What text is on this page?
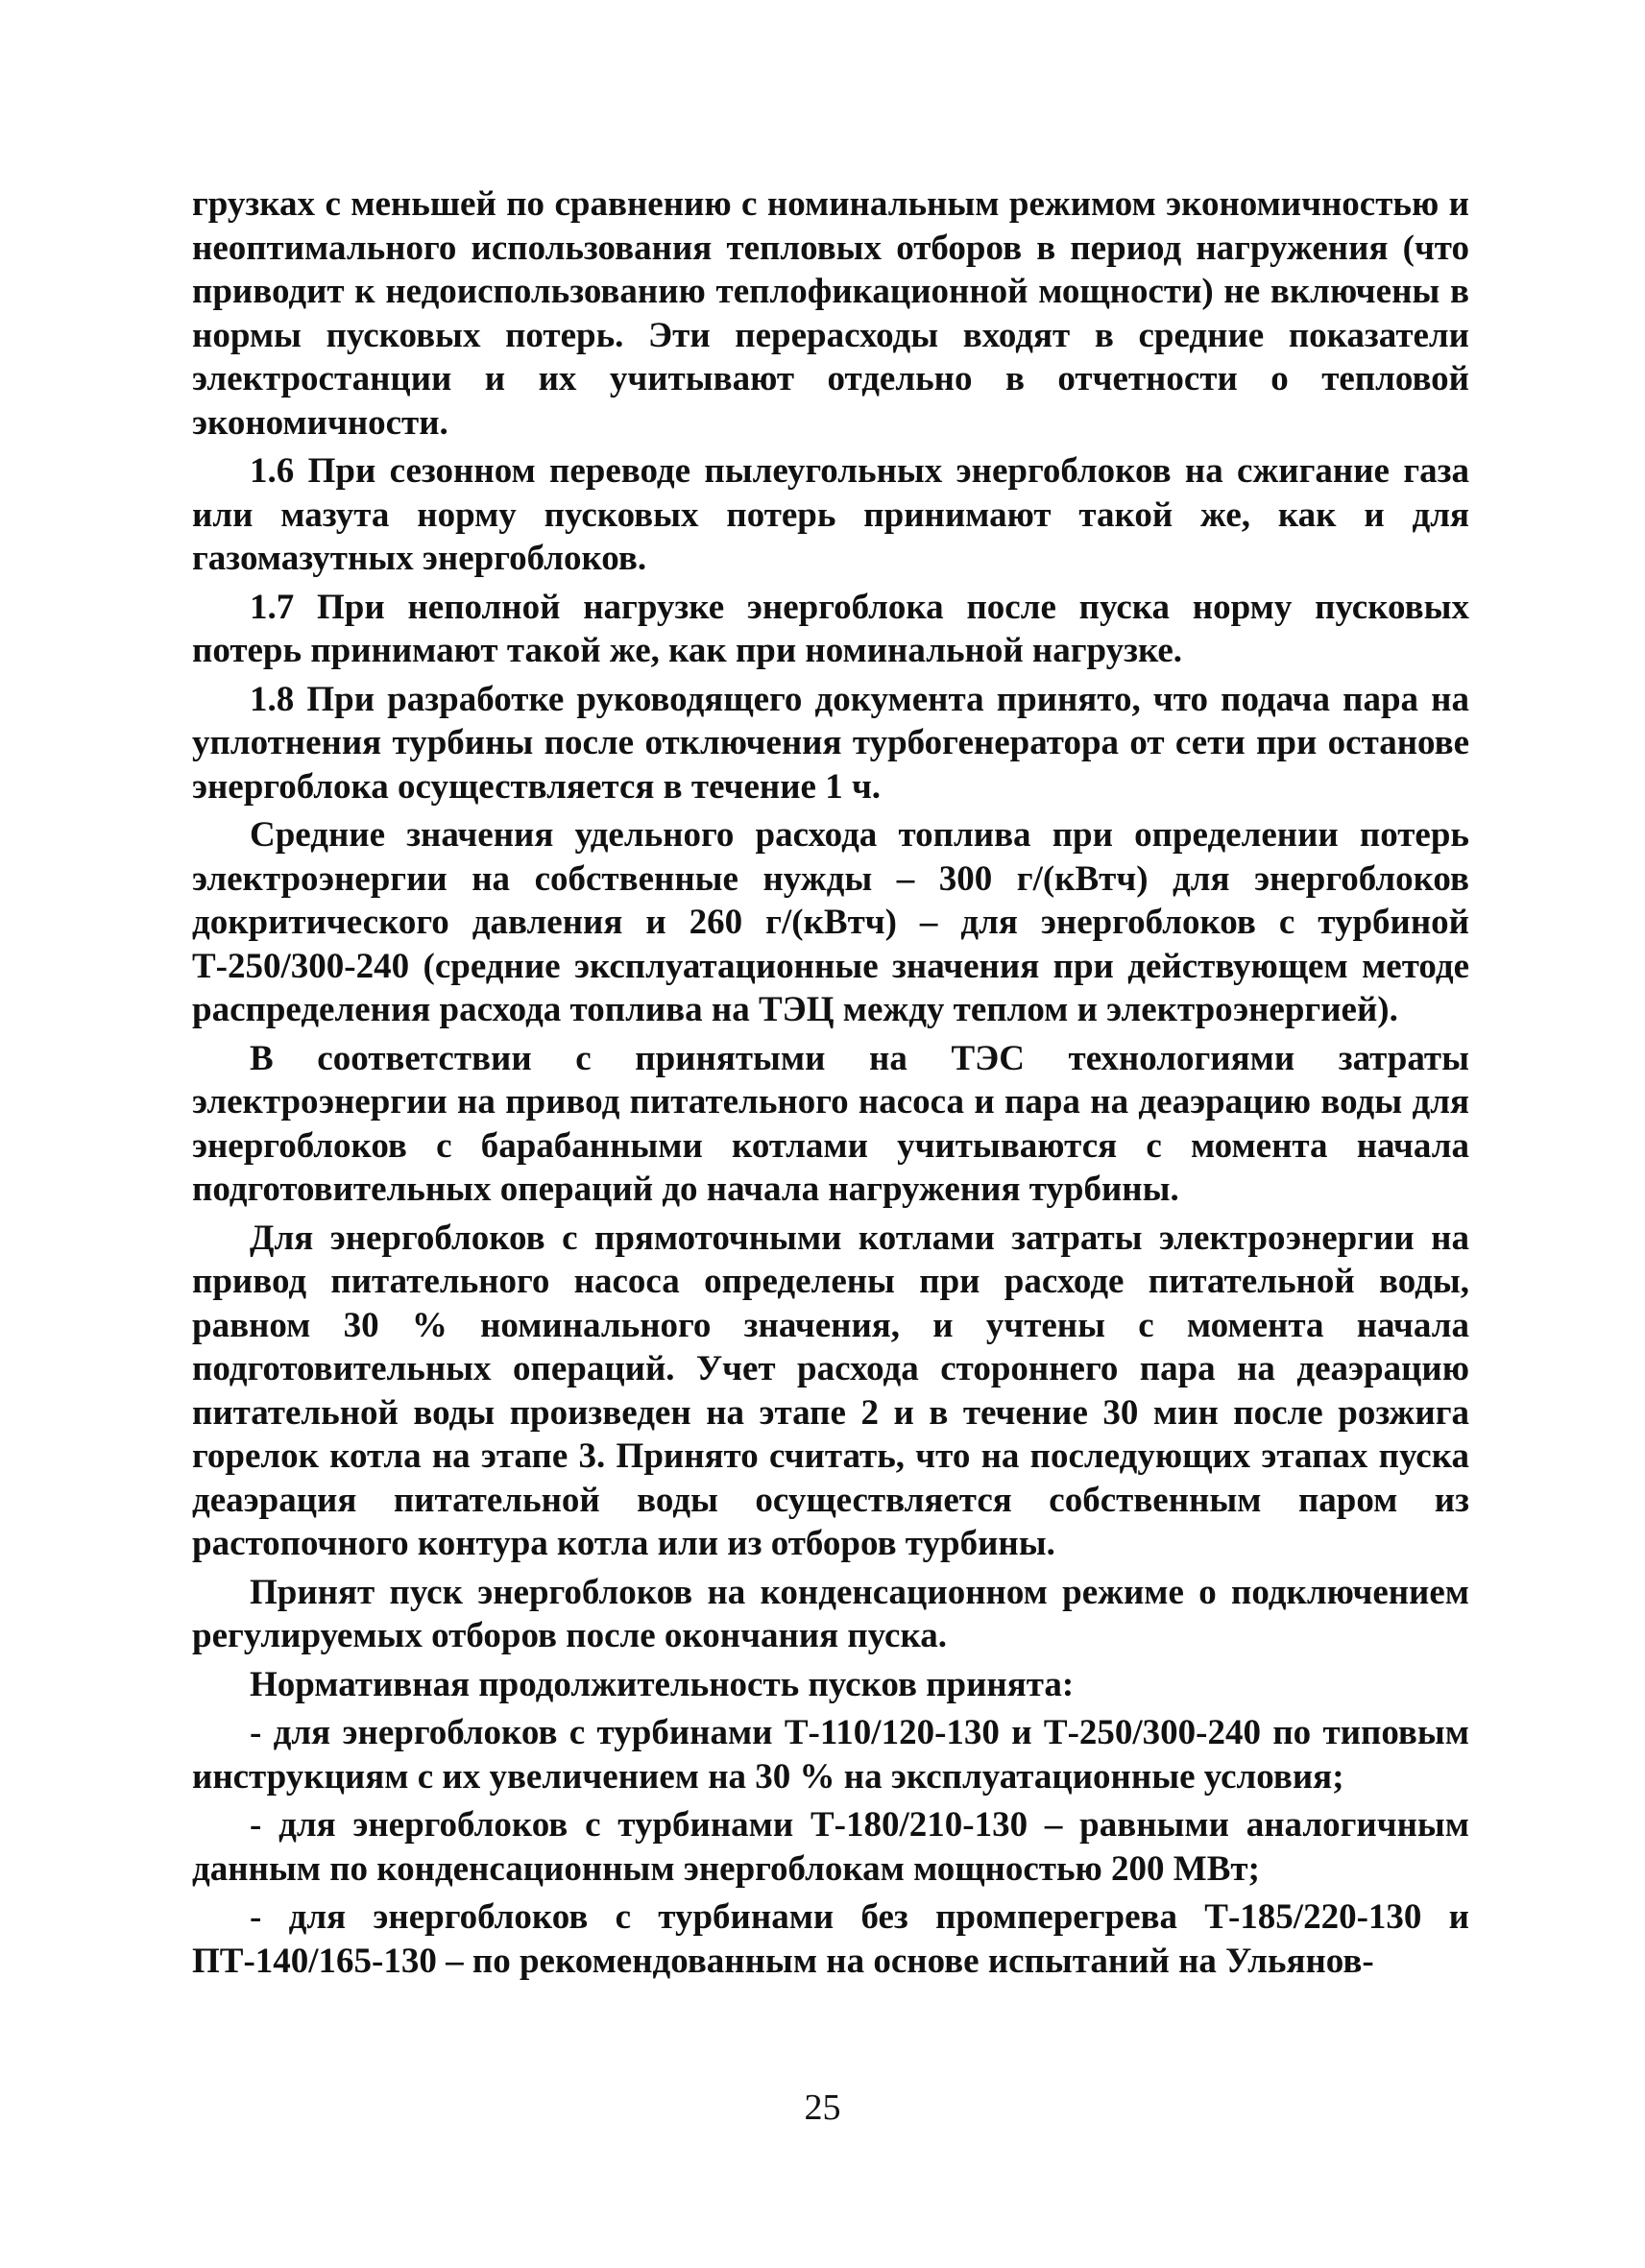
грузках с меньшей по сравнению с номинальным режимом экономичностью и неоптимального использования тепловых отборов в период нагружения (что приводит к недоиспользованию теплофикационной мощности) не включены в нормы пусковых потерь. Эти перерасходы входят в средние показатели электростанции и их учитывают отдельно в отчетности о тепловой экономичности.

1.6 При сезонном переводе пылеугольных энергоблоков на сжигание газа или мазута норму пусковых потерь принимают такой же, как и для газомазутных энергоблоков.

1.7 При неполной нагрузке энергоблока после пуска норму пусковых потерь принимают такой же, как при номинальной нагрузке.

1.8 При разработке руководящего документа принято, что подача пара на уплотнения турбины после отключения турбогенератора от сети при останове энергоблока осуществляется в течение 1 ч.

Средние значения удельного расхода топлива при определении потерь электроэнергии на собственные нужды – 300 г/(кВтч) для энергоблоков докритического давления и 260 г/(кВтч) – для энергоблоков с турбиной Т-250/300-240 (средние эксплуатационные значения при действующем методе распределения расхода топлива на ТЭЦ между теплом и электроэнергией).

В соответствии с принятыми на ТЭС технологиями затраты электроэнергии на привод питательного насоса и пара на деаэрацию воды для энергоблоков с барабанными котлами учитываются с момента начала подготовительных операций до начала нагружения турбины.

Для энергоблоков с прямоточными котлами затраты электроэнергии на привод питательного насоса определены при расходе питательной воды, равном 30 % номинального значения, и учтены с момента начала подготовительных операций. Учет расхода стороннего пара на деаэрацию питательной воды произведен на этапе 2 и в течение 30 мин после розжига горелок котла на этапе 3. Принято считать, что на последующих этапах пуска деаэрация питательной воды осуществляется собственным паром из растопочного контура котла или из отборов турбины.

Принят пуск энергоблоков на конденсационном режиме о подключением регулируемых отборов после окончания пуска.

Нормативная продолжительность пусков принята:

- для энергоблоков с турбинами Т-110/120-130 и Т-250/300-240 по типовым инструкциям с их увеличением на 30 % на эксплуатационные условия;

- для энергоблоков с турбинами Т-180/210-130 – равными аналогичным данным по конденсационным энергоблокам мощностью 200 МВт;

- для энергоблоков с турбинами без промперегрева Т-185/220-130 и ПТ-140/165-130 – по рекомендованным на основе испытаний на Ульянов-

25
